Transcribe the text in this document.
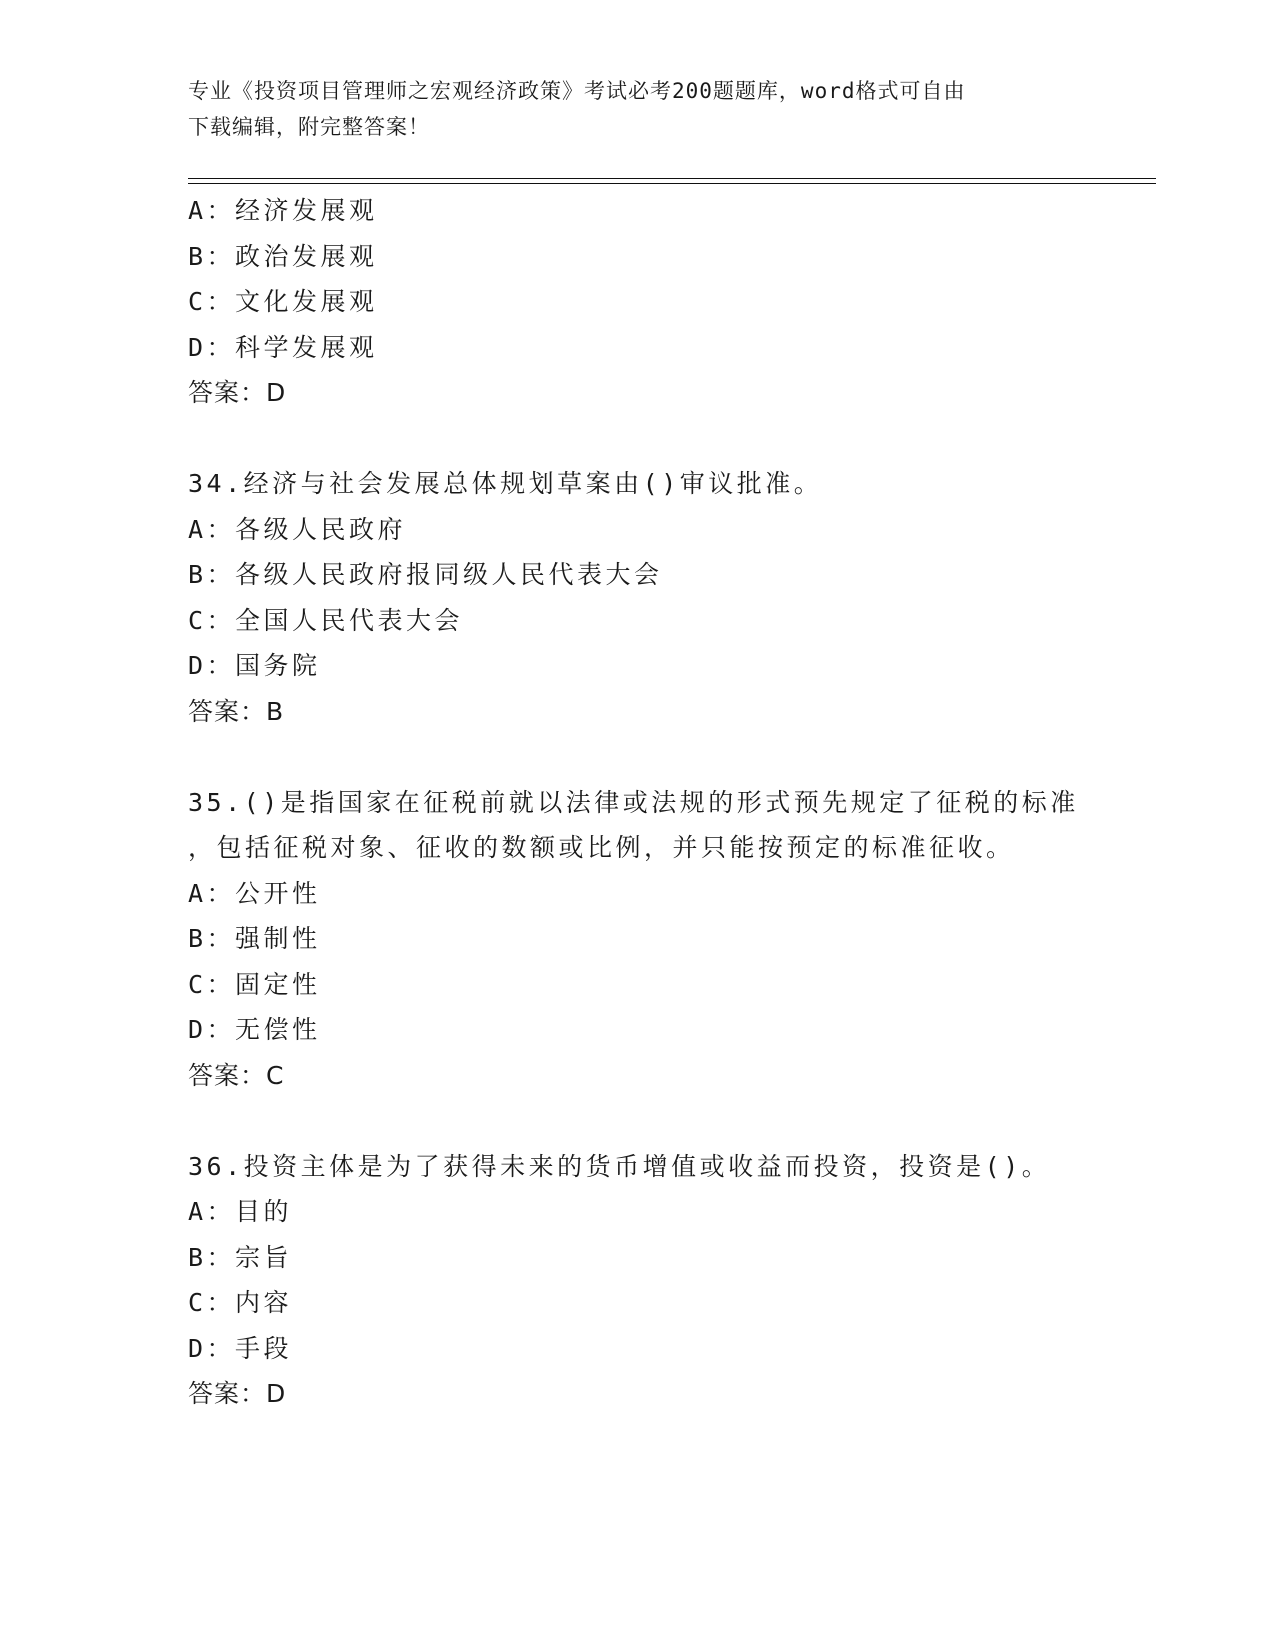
专业《投资项目管理师之宏观经济政策》考试必考200题题库，word格式可自由
下载编辑，附完整答案！
A：经济发展观
B：政治发展观
C：文化发展观
D：科学发展观
答案：D
34.经济与社会发展总体规划草案由()审议批准。
A：各级人民政府
B：各级人民政府报同级人民代表大会
C：全国人民代表大会
D：国务院
答案：B
35.()是指国家在征税前就以法律或法规的形式预先规定了征税的标准
，包括征税对象、征收的数额或比例，并只能按预定的标准征收。
A：公开性
B：强制性
C：固定性
D：无偿性
答案：C
36.投资主体是为了获得未来的货币增值或收益而投资，投资是()。
A：目的
B：宗旨
C：内容
D：手段
答案：D
